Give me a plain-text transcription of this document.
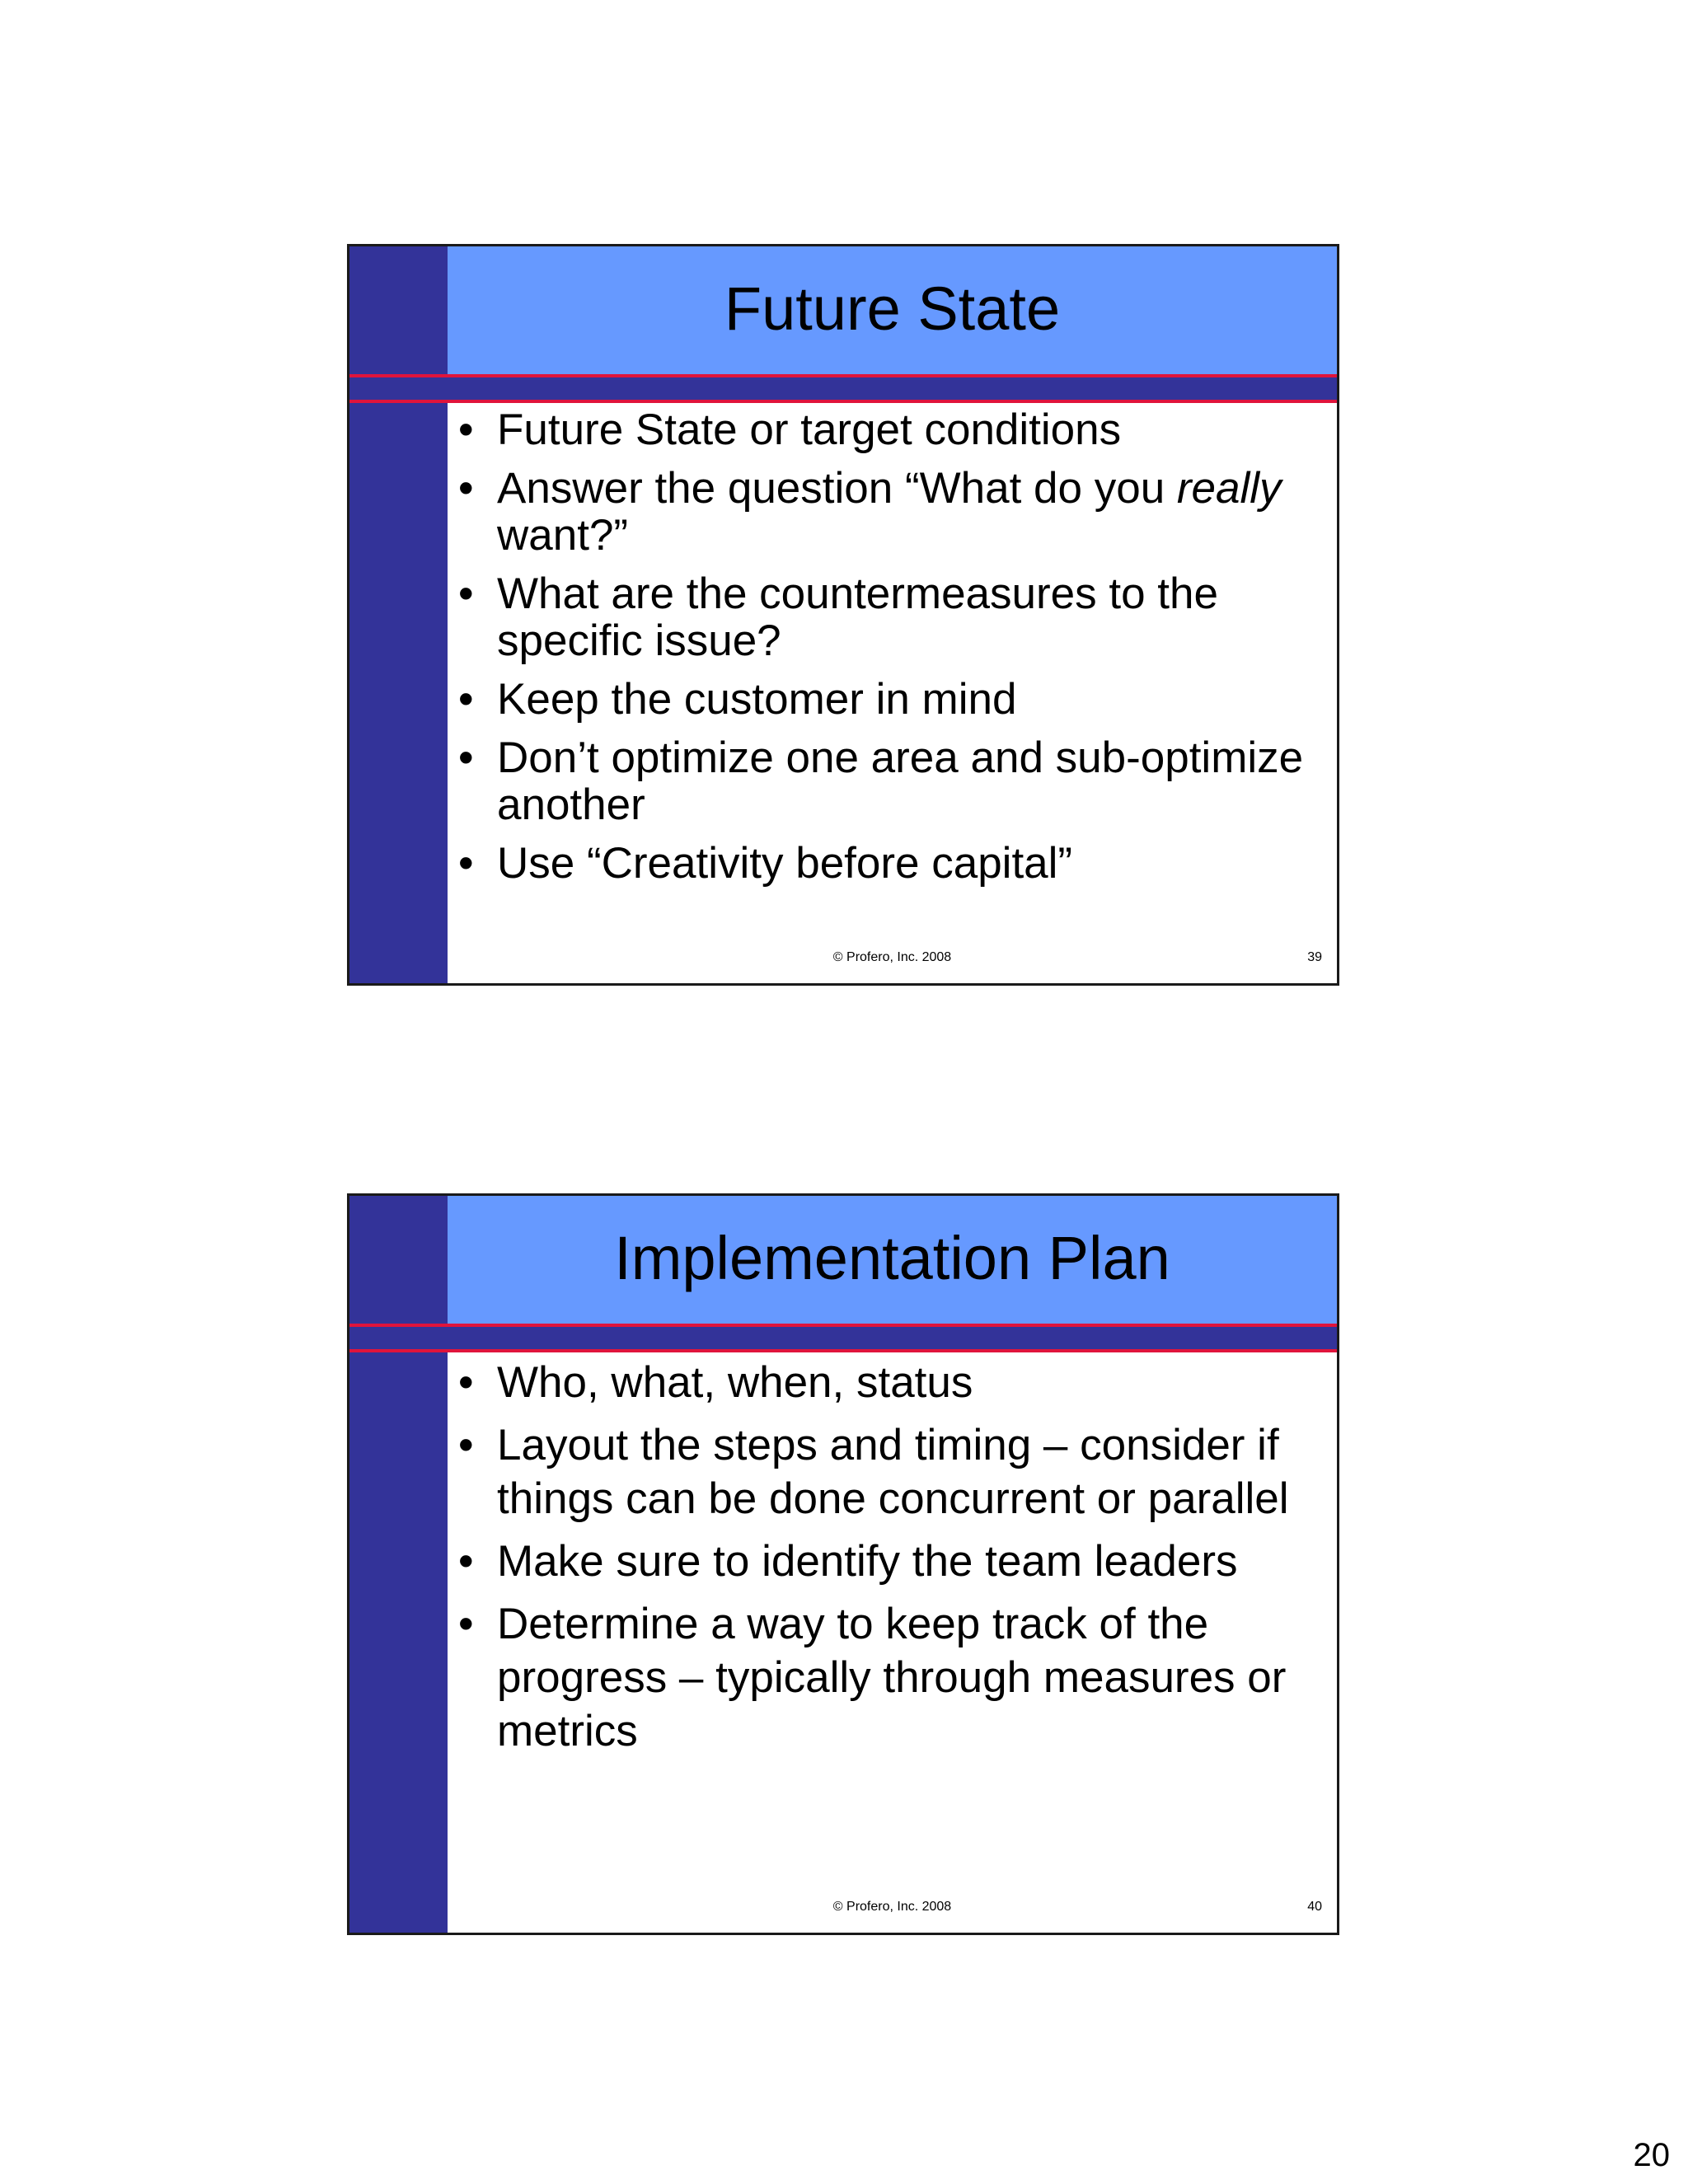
Future State
• Future State or target conditions
• Answer the question “What do you really want?”
• What are the countermeasures to the specific issue?
• Keep the customer in mind
• Don’t optimize one area and sub-optimize another
• Use “Creativity before capital”
© Profero, Inc. 2008	39
Implementation Plan
• Who, what, when, status
• Layout the steps and timing – consider if things can be done concurrent or parallel
• Make sure to identify the team leaders
• Determine a way to keep track of the progress – typically through measures or metrics
© Profero, Inc. 2008	40
20
